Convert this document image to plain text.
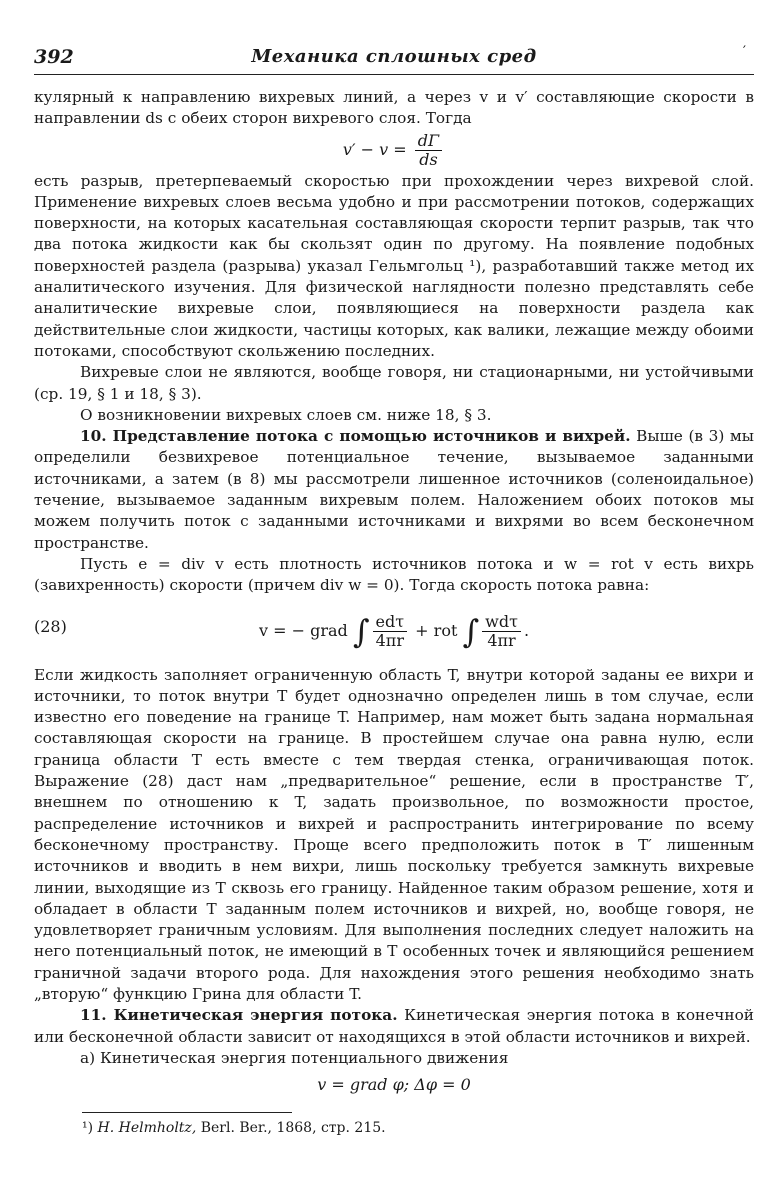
392	Механика сплошных сред	′

кулярный к направлению вихревых линий, а через v и v′ составляющие скорости в направлении ds с обеих сторон вихревого слоя. Тогда

$v' - v = \frac{d\Gamma}{ds}$

есть разрыв, претерпеваемый скоростью при прохождении через вихревой слой. Применение вихревых слоев весьма удобно и при рассмотрении потоков, содержащих поверхности, на которых касательная составляющая скорости терпит разрыв, так что два потока жидкости как бы скользят один по другому. На появление подобных поверхностей раздела (разрыва) указал Гельмгольц ¹), разработавший также метод их аналитического изучения. Для физической наглядности полезно представлять себе аналитические вихревые слои, появляющиеся на поверхности раздела как действительные слои жидкости, частицы которых, как валики, лежащие между обоими потоками, способствуют скольжению последних.

Вихревые слои не являются, вообще говоря, ни стационарными, ни устойчивыми (ср. 19, § 1 и 18, § 3).

О возникновении вихревых слоев см. ниже 18, § 3.

10. Представление потока с помощью источников и вихрей. Выше (в 3) мы определили безвихревое потенциальное течение, вызываемое заданными источниками, а затем (в 8) мы рассмотрели лишенное источников (соленоидальное) течение, вызываемое заданным вихревым полем. Наложением обоих потоков мы можем получить поток с заданными источниками и вихрями во всем бесконечном пространстве.

Пусть e = div v есть плотность источников потока и w = rot v есть вихрь (завихренность) скорости (причем div w = 0). Тогда скорость потока равна:

(28)	v = − grad ∫ edτ
4πr
+ rot ∫ wdτ
4πr
.

Если жидкость заполняет ограниченную область T, внутри которой заданы ее вихри и источники, то поток внутри T будет однозначно определен лишь в том случае, если известно его поведение на границе T. Например, нам может быть задана нормальная составляющая скорости на границе. В простейшем случае она равна нулю, если граница области T есть вместе с тем твердая стенка, ограничивающая поток. Выражение (28) даст нам „предварительное“ решение, если в пространстве T′, внешнем по отношению к T, задать произвольное, по возможности простое, распределение источников и вихрей и распространить интегрирование по всему бесконечному пространству. Проще всего предположить поток в T′ лишенным источников и вводить в нем вихри, лишь поскольку требуется замкнуть вихревые линии, выходящие из T сквозь его границу. Найденное таким образом решение, хотя и обладает в области T заданным полем источников и вихрей, но, вообще говоря, не удовлетворяет граничным условиям. Для выполнения последних следует наложить на него потенциальный поток, не имеющий в T особенных точек и являющийся решением граничной задачи второго рода. Для нахождения этого решения необходимо знать „вторую“ функцию Грина для области T.

11. Кинетическая энергия потока. Кинетическая энергия потока в конечной или бесконечной области зависит от находящихся в этой области источников и вихрей.

а) Кинетическая энергия потенциального движения

v = grad φ; Δφ = 0
¹) H. Helmholtz, Berl. Ber., 1868, стр. 215.
